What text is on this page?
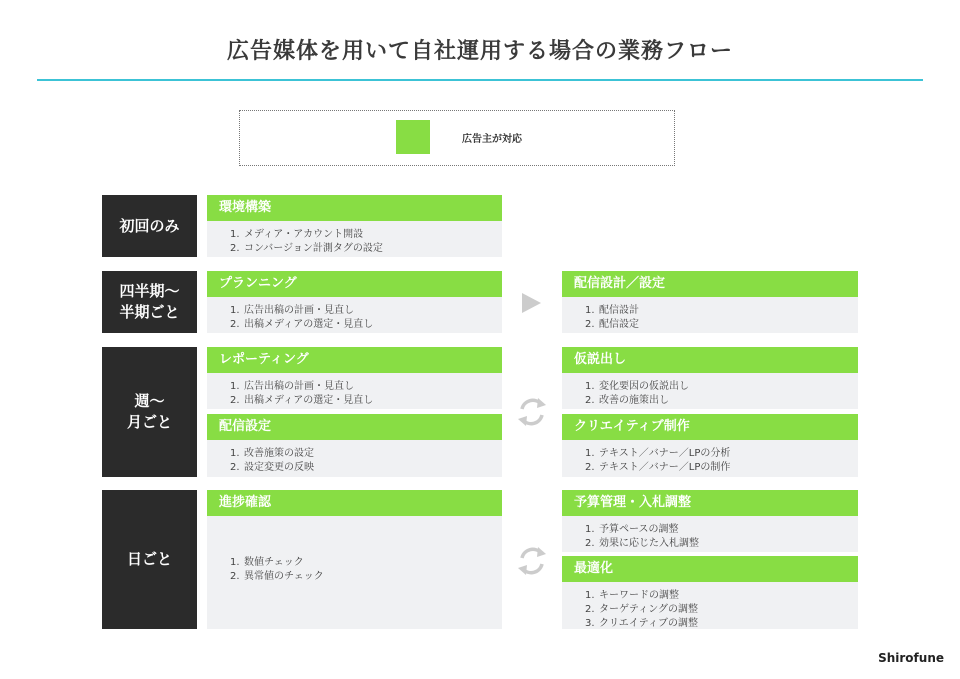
広告媒体を用いて自社運用する場合の業務フロー
広告主が対応
初回のみ
四半期〜
半期ごと
週〜
月ごと
日ごと
環境構築
1. メディア・アカウント開設
2. コンバージョン計測タグの設定
プランニング
1. 広告出稿の計画・見直し
2. 出稿メディアの選定・見直し
レポーティング
1. 広告出稿の計画・見直し
2. 出稿メディアの選定・見直し
配信設定
1. 改善施策の設定
2. 設定変更の反映
進捗確認
1. 数値チェック
2. 異常値のチェック
配信設計／設定
1. 配信設計
2. 配信設定
仮説出し
1. 変化要因の仮説出し
2. 改善の施策出し
クリエイティブ制作
1. テキスト／バナー／LPの分析
2. テキスト／バナー／LPの制作
予算管理・入札調整
1. 予算ペースの調整
2. 効果に応じた入札調整
最適化
1. キーワードの調整
2. ターゲティングの調整
3. クリエイティブの調整
Shirofune
